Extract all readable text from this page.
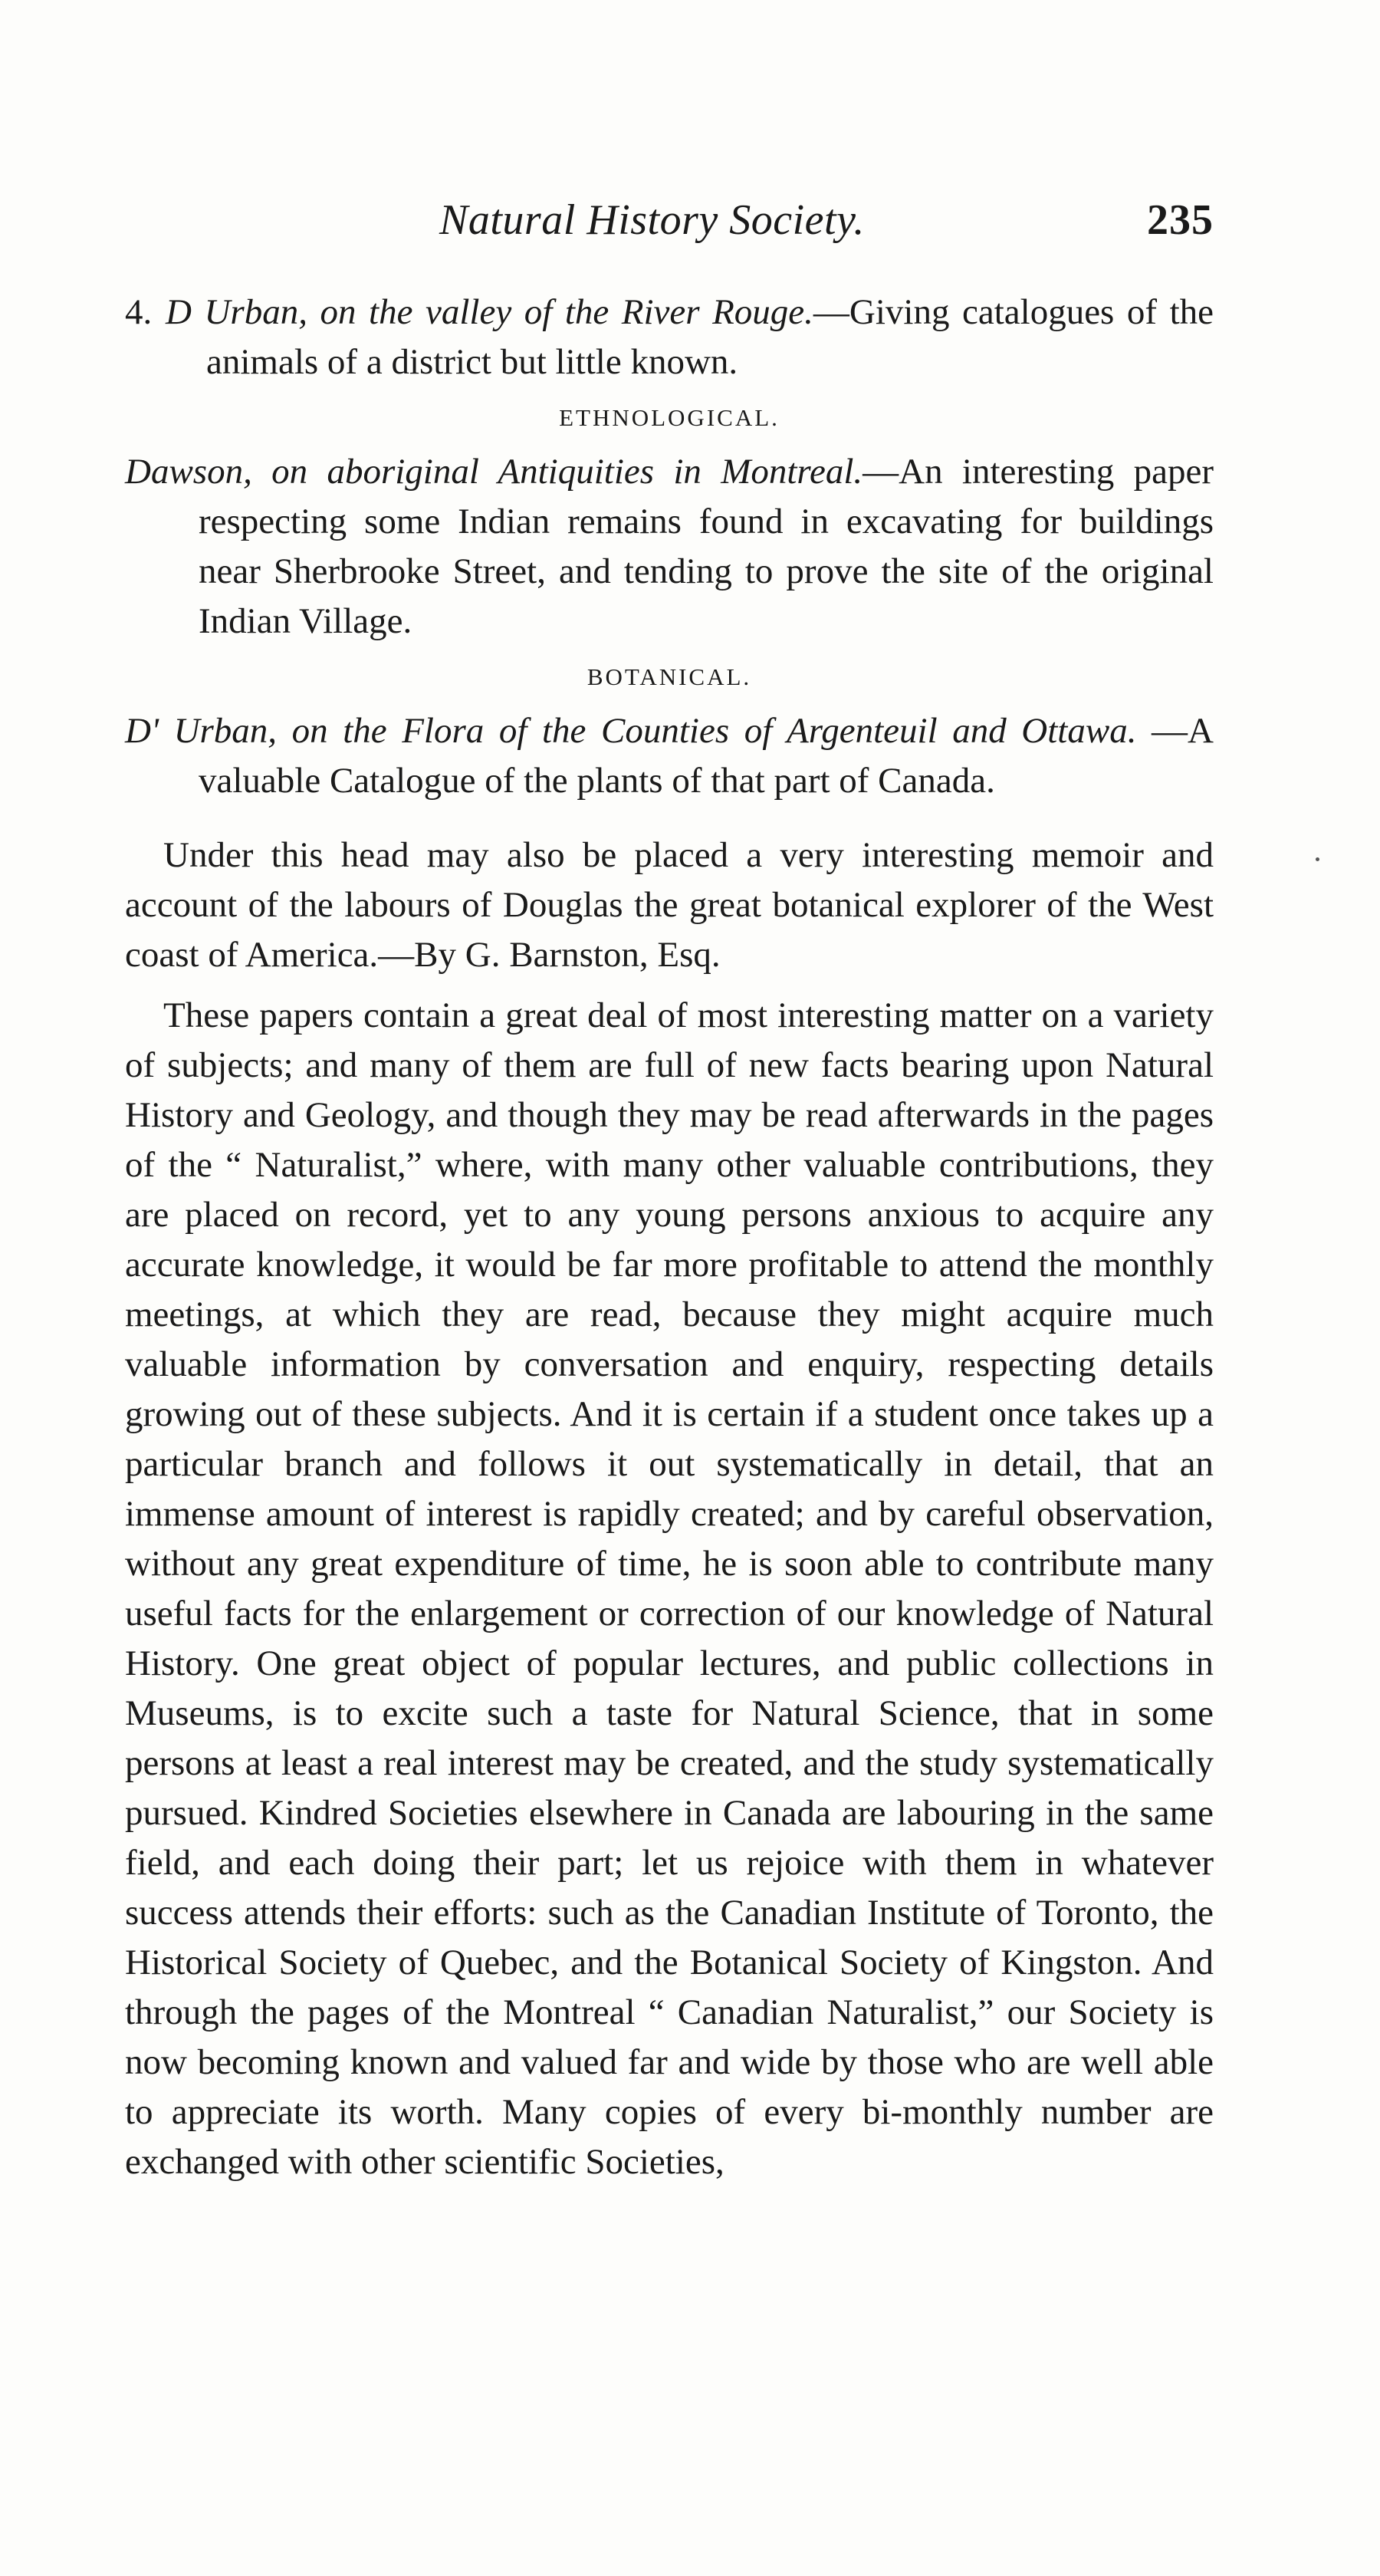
Natural History Society.	235

4. D Urban, on the valley of the River Rouge.—Giving catalogues of the animals of a district but little known.

ETHNOLOGICAL.

Dawson, on aboriginal Antiquities in Montreal.—An interesting paper respecting some Indian remains found in excavating for buildings near Sherbrooke Street, and tending to prove the site of the original Indian Village.

BOTANICAL.

D' Urban, on the Flora of the Counties of Argenteuil and Ottawa. —A valuable Catalogue of the plants of that part of Canada.

Under this head may also be placed a very interesting memoir and account of the labours of Douglas the great botanical explorer of the West coast of America.—By G. Barnston, Esq.

These papers contain a great deal of most interesting matter on a variety of subjects; and many of them are full of new facts bearing upon Natural History and Geology, and though they may be read afterwards in the pages of the “ Naturalist,” where, with many other valuable contributions, they are placed on record, yet to any young persons anxious to acquire any accurate knowledge, it would be far more profitable to attend the monthly meetings, at which they are read, because they might acquire much valuable information by conversation and enquiry, respecting details growing out of these subjects. And it is certain if a student once takes up a particular branch and follows it out systematically in detail, that an immense amount of interest is rapidly created; and by careful observation, without any great expenditure of time, he is soon able to contribute many useful facts for the enlargement or correction of our knowledge of Natural History. One great object of popular lectures, and public collections in Museums, is to excite such a taste for Natural Science, that in some persons at least a real interest may be created, and the study systematically pursued. Kindred Societies elsewhere in Canada are labouring in the same field, and each doing their part; let us rejoice with them in whatever success attends their efforts: such as the Canadian Institute of Toronto, the Historical Society of Quebec, and the Botanical Society of Kingston. And through the pages of the Montreal “ Canadian Naturalist,” our Society is now becoming known and valued far and wide by those who are well able to appreciate its worth. Many copies of every bi-monthly number are exchanged with other scientific Societies,
